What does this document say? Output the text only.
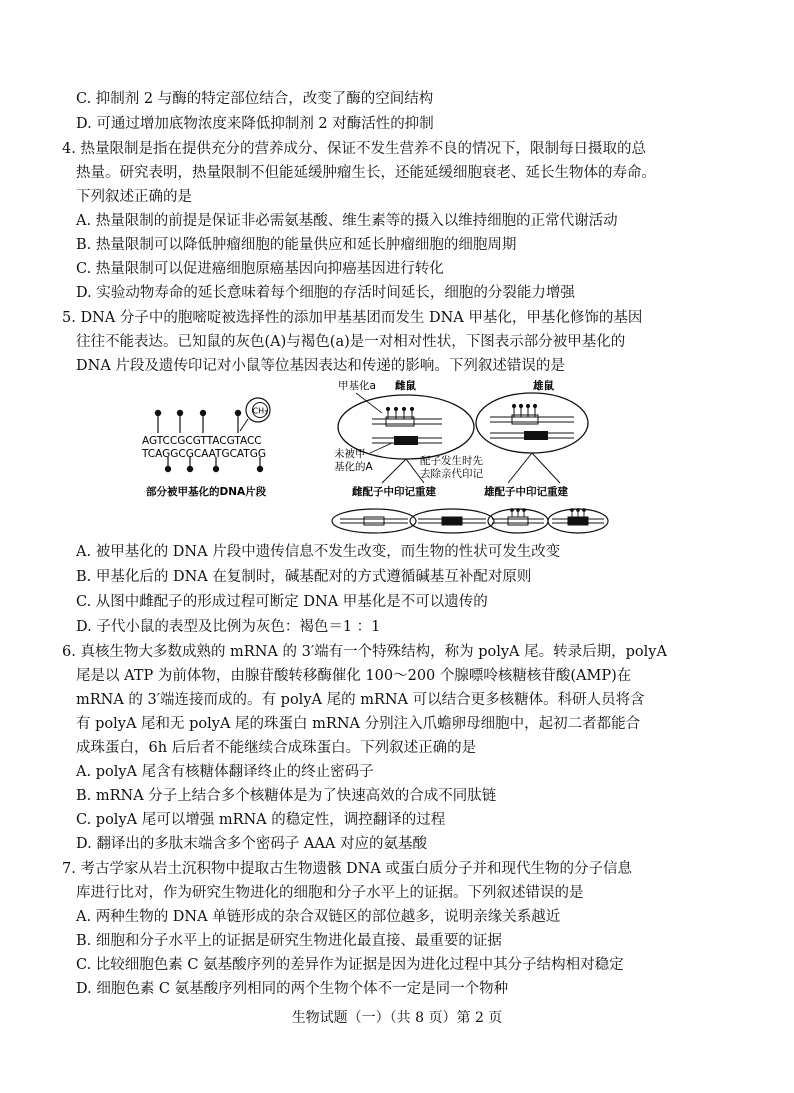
C. 抑制剂 2 与酶的特定部位结合，改变了酶的空间结构
D. 可通过增加底物浓度来降低抑制剂 2 对酶活性的抑制
4. 热量限制是指在提供充分的营养成分、保证不发生营养不良的情况下，限制每日摄取的总
热量。研究表明，热量限制不但能延缓肿瘤生长，还能延缓细胞衰老、延长生物体的寿命。
下列叙述正确的是
A. 热量限制的前提是保证非必需氨基酸、维生素等的摄入以维持细胞的正常代谢活动
B. 热量限制可以降低肿瘤细胞的能量供应和延长肿瘤细胞的细胞周期
C. 热量限制可以促进癌细胞原癌基因向抑癌基因进行转化
D. 实验动物寿命的延长意味着每个细胞的存活时间延长，细胞的分裂能力增强
5. DNA 分子中的胞嘧啶被选择性的添加甲基基团而发生 DNA 甲基化，甲基化修饰的基因
往往不能表达。已知鼠的灰色(A)与褐色(a)是一对相对性状，下图表示部分被甲基化的
DNA 片段及遗传印记对小鼠等位基因表达和传递的影响。下列叙述错误的是
CH₃
AGTCCGCGTTACGTACC
TCAGGCGCAATGCATGG
部分被甲基化的DNA片段
甲基化a 雌鼠
未被甲
基化的A
雌配子中印记重建
配子发生时先
去除亲代印记
雄鼠
雄配子中印记重建
A. 被甲基化的 DNA 片段中遗传信息不发生改变，而生物的性状可发生改变
B. 甲基化后的 DNA 在复制时，碱基配对的方式遵循碱基互补配对原则
C. 从图中雌配子的形成过程可断定 DNA 甲基化是不可以遗传的
D. 子代小鼠的表型及比例为灰色：褐色＝1 ：1
6. 真核生物大多数成熟的 mRNA 的 3′端有一个特殊结构，称为 polyA 尾。转录后期，polyA
尾是以 ATP 为前体物，由腺苷酸转移酶催化 100～200 个腺嘌呤核糖核苷酸(AMP)在
mRNA 的 3′端连接而成的。有 polyA 尾的 mRNA 可以结合更多核糖体。科研人员将含
有 polyA 尾和无 polyA 尾的珠蛋白 mRNA 分别注入爪蟾卵母细胞中，起初二者都能合
成珠蛋白，6h 后后者不能继续合成珠蛋白。下列叙述正确的是
A. polyA 尾含有核糖体翻译终止的终止密码子
B. mRNA 分子上结合多个核糖体是为了快速高效的合成不同肽链
C. polyA 尾可以增强 mRNA 的稳定性，调控翻译的过程
D. 翻译出的多肽末端含多个密码子 AAA 对应的氨基酸
7. 考古学家从岩土沉积物中提取古生物遗骸 DNA 或蛋白质分子并和现代生物的分子信息
库进行比对，作为研究生物进化的细胞和分子水平上的证据。下列叙述错误的是
A. 两种生物的 DNA 单链形成的杂合双链区的部位越多，说明亲缘关系越近
B. 细胞和分子水平上的证据是研究生物进化最直接、最重要的证据
C. 比较细胞色素 C 氨基酸序列的差异作为证据是因为进化过程中其分子结构相对稳定
D. 细胞色素 C 氨基酸序列相同的两个生物个体不一定是同一个物种
生物试题（一）（共 8 页）第 2 页
